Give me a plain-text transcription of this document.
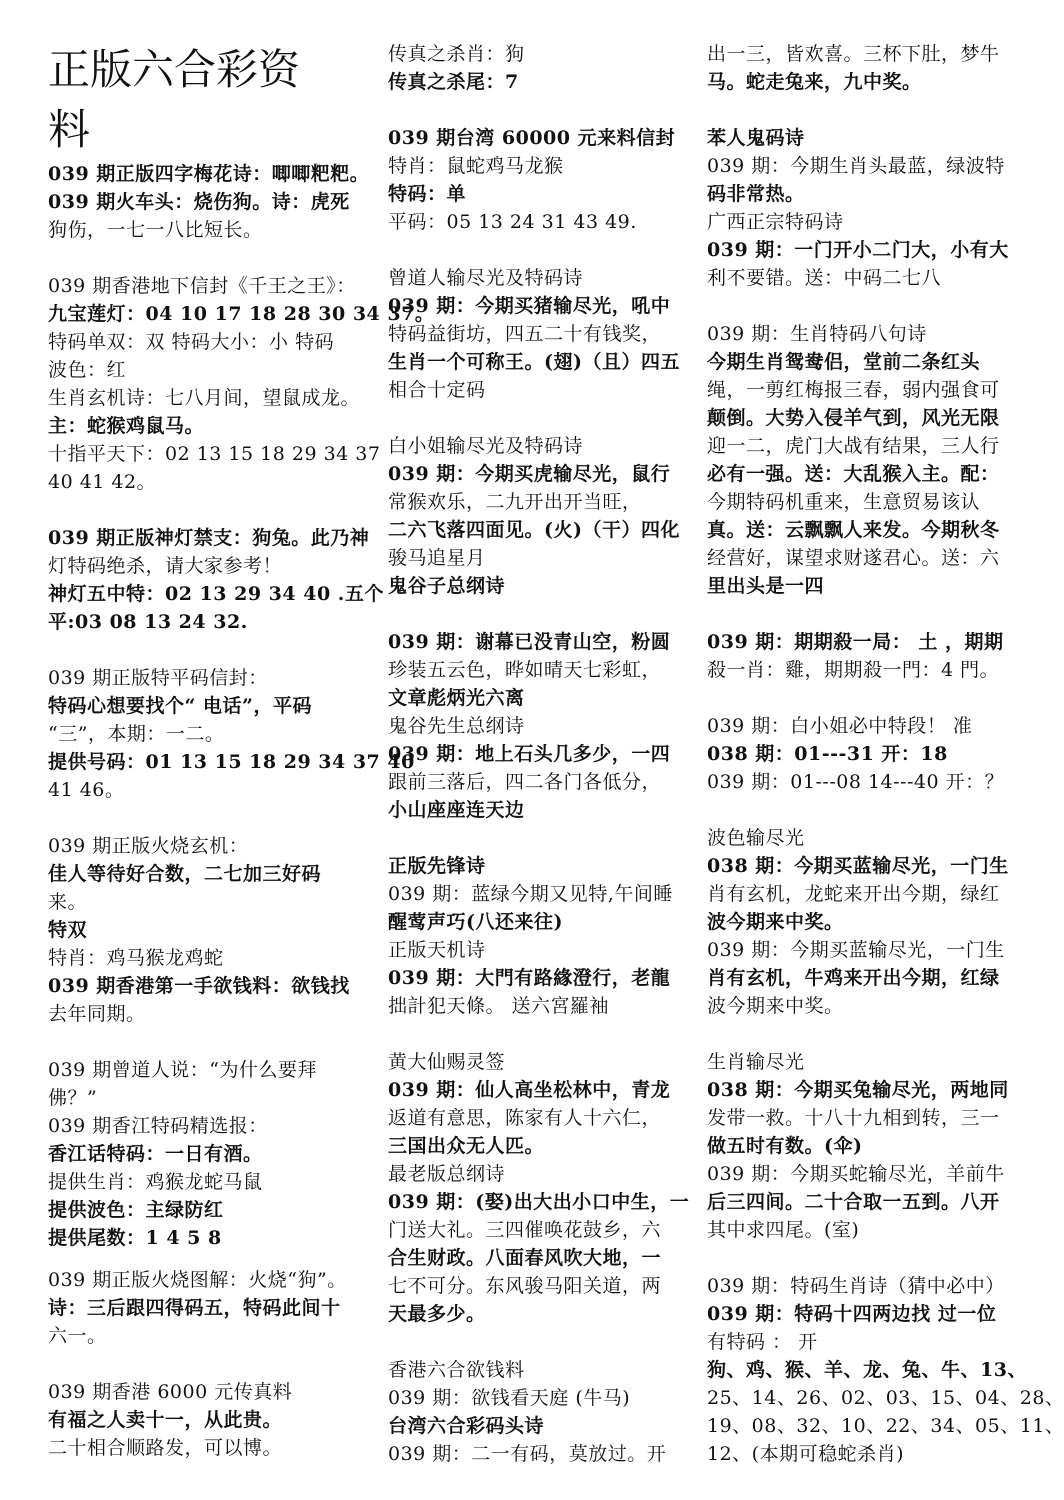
正版六合彩资
料
039 期正版四字梅花诗：唧唧粑粑。
039 期火车头：烧伤狗。诗：虎死
狗伤，一七一八比短长。
039 期香港地下信封《千王之王》：
九宝莲灯：04 10 17 18 28 30 34 37。
特码单双：双 特码大小：小 特码
波色：红
生肖玄机诗：七八月间，望鼠成龙。
主：蛇猴鸡鼠马。
十指平天下：02 13 15 18 29 34 37
40 41 42。
039 期正版神灯禁支：狗兔。此乃神
灯特码绝杀，请大家参考！
神灯五中特：02 13 29 34 40 .五个
平:03 08 13 24 32.
039 期正版特平码信封：
特码心想要找个“ 电话”，平码
“三”，本期：一二。
提供号码：01 13 15 18 29 34 37 40
41 46。
039 期正版火烧玄机：
佳人等待好合数，二七加三好码
来。
特双
特肖：鸡马猴龙鸡蛇
039 期香港第一手欲钱料：欲钱找
去年同期。
039 期曾道人说：“为什么要拜
佛？”
039 期香江特码精选报：
香江话特码：一日有酒。
提供生肖：鸡猴龙蛇马鼠
提供波色：主绿防红
提供尾数：1 4 5 8
039 期正版火烧图解：火烧“狗”。
诗：三后跟四得码五，特码此间十
六一。
039 期香港 6000 元传真料
有福之人卖十一，从此贵。
二十相合顺路发，可以博。
传真之杀肖：狗
传真之杀尾：7
039 期台湾 60000 元来料信封
特肖：鼠蛇鸡马龙猴
特码：单
平码：05 13 24 31 43 49.
曾道人输尽光及特码诗
039 期：今期买猪输尽光，吼中
特码益街坊，四五二十有钱奖，
生肖一个可称王。(翅)（且）四五
相合十定码
白小姐输尽光及特码诗
039 期：今期买虎输尽光，鼠行
常猴欢乐，二九开出开当旺，
二六飞落四面见。(火)（干）四化
骏马追星月
鬼谷子总纲诗
039 期：谢幕已没青山空，粉圆
珍装五云色，晔如晴天七彩虹，
文章彪炳光六离
鬼谷先生总纲诗
039 期：地上石头几多少，一四
跟前三落后，四二各门各低分，
小山座座连天边
正版先锋诗
039 期：蓝绿今期又见特,午间睡
醒莺声巧(八还来往)
正版天机诗
039 期：大門有路緣澄行，老龍
拙計犯天條。 送六宮羅袖
黄大仙赐灵签
039 期：仙人高坐松林中，青龙
返道有意思，陈家有人十六仁，
三国出众无人匹。
最老版总纲诗
039 期：(娶)出大出小口中生，一
门送大礼。三四催唤花鼓乡，六
合生财政。八面春风吹大地，一
七不可分。东风骏马阳关道，两
天最多少。
香港六合欲钱料
039 期：欲钱看天庭 (牛马)
台湾六合彩码头诗
039 期：二一有码，莫放过。开
出一三，皆欢喜。三杯下肚，梦牛
马。蛇走兔来，九中奖。
苯人鬼码诗
039 期：今期生肖头最蓝，绿波特
码非常热。
广西正宗特码诗
039 期：一门开小二门大，小有大
利不要错。送：中码二七八
039 期：生肖特码八句诗
今期生肖鸳鸯侣，堂前二条红头
绳，一剪红梅报三春，弱内强食可
颠倒。大势入侵羊气到，风光无限
迎一二，虎门大战有结果，三人行
必有一强。送：大乱猴入主。配：
今期特码机重来，生意贸易该认
真。送：云飘飘人来发。今期秋冬
经营好，谋望求财遂君心。送：六
里出头是一四
039 期：期期殺一局： 土 ，期期
殺一肖：雞，期期殺一門：4 門。
039 期：白小姐必中特段！ 准
038 期：01---31 开：18
039 期：01---08 14---40 开：？
波色输尽光
038 期：今期买蓝输尽光，一门生
肖有玄机，龙蛇来开出今期，绿红
波今期来中奖。
039 期：今期买蓝输尽光，一门生
肖有玄机，牛鸡来开出今期，红绿
波今期来中奖。
生肖输尽光
038 期：今期买兔输尽光，两地同
发带一救。十八十九相到转，三一
做五时有数。(伞)
039 期：今期买蛇输尽光，羊前牛
后三四间。二十合取一五到。八开
其中求四尾。(室)
039 期：特码生肖诗（猜中必中）
039 期：特码十四两边找 过一位
有特码 ： 开
狗、鸡、猴、羊、龙、兔、牛、13、
25、14、26、02、03、15、04、28、
19、08、32、10、22、34、05、11、
12、(本期可稳蛇杀肖)
